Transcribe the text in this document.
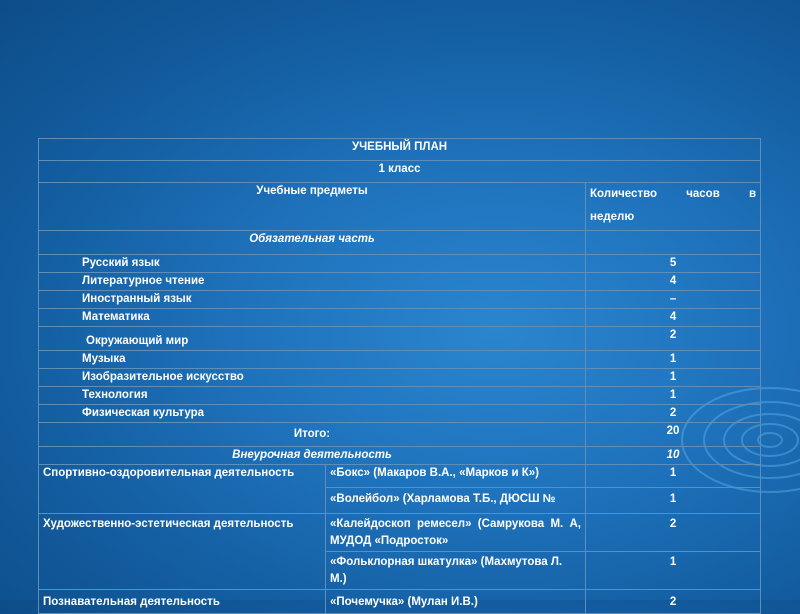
УЧЕБНЫЙ ПЛАН		
1 класс		
Учебные предметы		Количество часов в
неделю

Обязательная часть		
Русский язык		5
Литературное чтение		4
Иностранный язык		–
Математика		4
Окружающий мир		2
Музыка		1
Изобразительное искусство		1
Технология		1
Физическая культура		2
Итого:		20
Внеурочная деятельность		10
Спортивно-оздоровительная деятельность	«Бокс» (Макаров В.А., «Марков и К»)	1
	«Волейбол» (Харламова Т.Б., ДЮСШ №	1
Художественно-эстетическая деятельность	«Калейдоскоп ремесел» (Самрукова М. А, МУДОД «Подросток»	2
	«Фольклорная шкатулка» (Махмутова Л. М.)	1
Познавательная деятельность	«Почемучка» (Мулан И.В.)	2
